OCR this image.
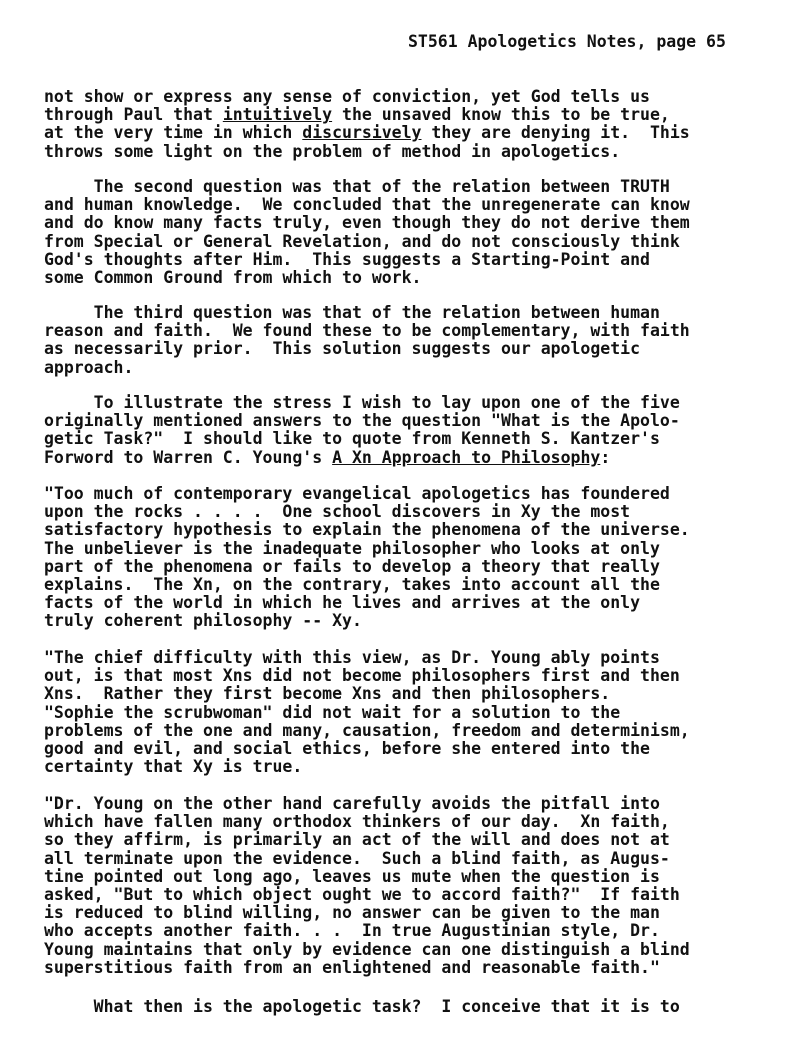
ST561 Apologetics Notes, page 65
not show or express any sense of conviction, yet God tells us
through Paul that intuitively the unsaved know this to be true,
at the very time in which discursively they are denying it.  This
throws some light on the problem of method in apologetics.
The second question was that of the relation between TRUTH
and human knowledge.  We concluded that the unregenerate can know
and do know many facts truly, even though they do not derive them
from Special or General Revelation, and do not consciously think
God's thoughts after Him.  This suggests a Starting-Point and
some Common Ground from which to work.
The third question was that of the relation between human
reason and faith.  We found these to be complementary, with faith
as necessarily prior.  This solution suggests our apologetic
approach.
To illustrate the stress I wish to lay upon one of the five
originally mentioned answers to the question "What is the Apolo-
getic Task?"  I should like to quote from Kenneth S. Kantzer's
Forword to Warren C. Young's A Xn Approach to Philosophy:
"Too much of contemporary evangelical apologetics has foundered
upon the rocks . . . .  One school discovers in Xy the most
satisfactory hypothesis to explain the phenomena of the universe.
The unbeliever is the inadequate philosopher who looks at only
part of the phenomena or fails to develop a theory that really
explains.  The Xn, on the contrary, takes into account all the
facts of the world in which he lives and arrives at the only
truly coherent philosophy -- Xy.
"The chief difficulty with this view, as Dr. Young ably points
out, is that most Xns did not become philosophers first and then
Xns.  Rather they first become Xns and then philosophers.
"Sophie the scrubwoman" did not wait for a solution to the
problems of the one and many, causation, freedom and determinism,
good and evil, and social ethics, before she entered into the
certainty that Xy is true.
"Dr. Young on the other hand carefully avoids the pitfall into
which have fallen many orthodox thinkers of our day.  Xn faith,
so they affirm, is primarily an act of the will and does not at
all terminate upon the evidence.  Such a blind faith, as Augus-
tine pointed out long ago, leaves us mute when the question is
asked, "But to which object ought we to accord faith?"  If faith
is reduced to blind willing, no answer can be given to the man
who accepts another faith. . .  In true Augustinian style, Dr.
Young maintains that only by evidence can one distinguish a blind
superstitious faith from an enlightened and reasonable faith."
What then is the apologetic task?  I conceive that it is to
